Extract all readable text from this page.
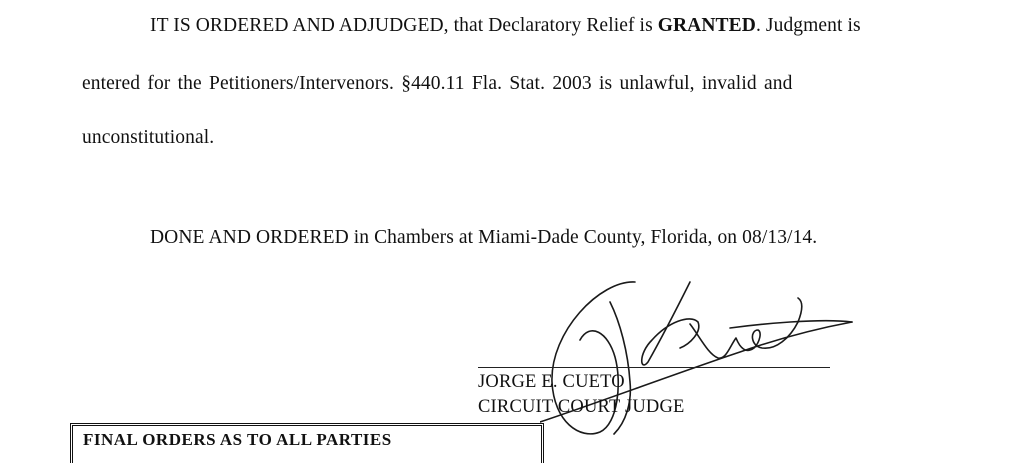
IT IS ORDERED AND ADJUDGED, that Declaratory Relief is GRANTED. Judgment is
entered for the Petitioners/Intervenors. §440.11 Fla. Stat. 2003 is unlawful, invalid and
unconstitutional.
DONE AND ORDERED in Chambers at Miami-Dade County, Florida, on 08/13/14.
JORGE E. CUETO
CIRCUIT COURT JUDGE
FINAL ORDERS AS TO ALL PARTIES
